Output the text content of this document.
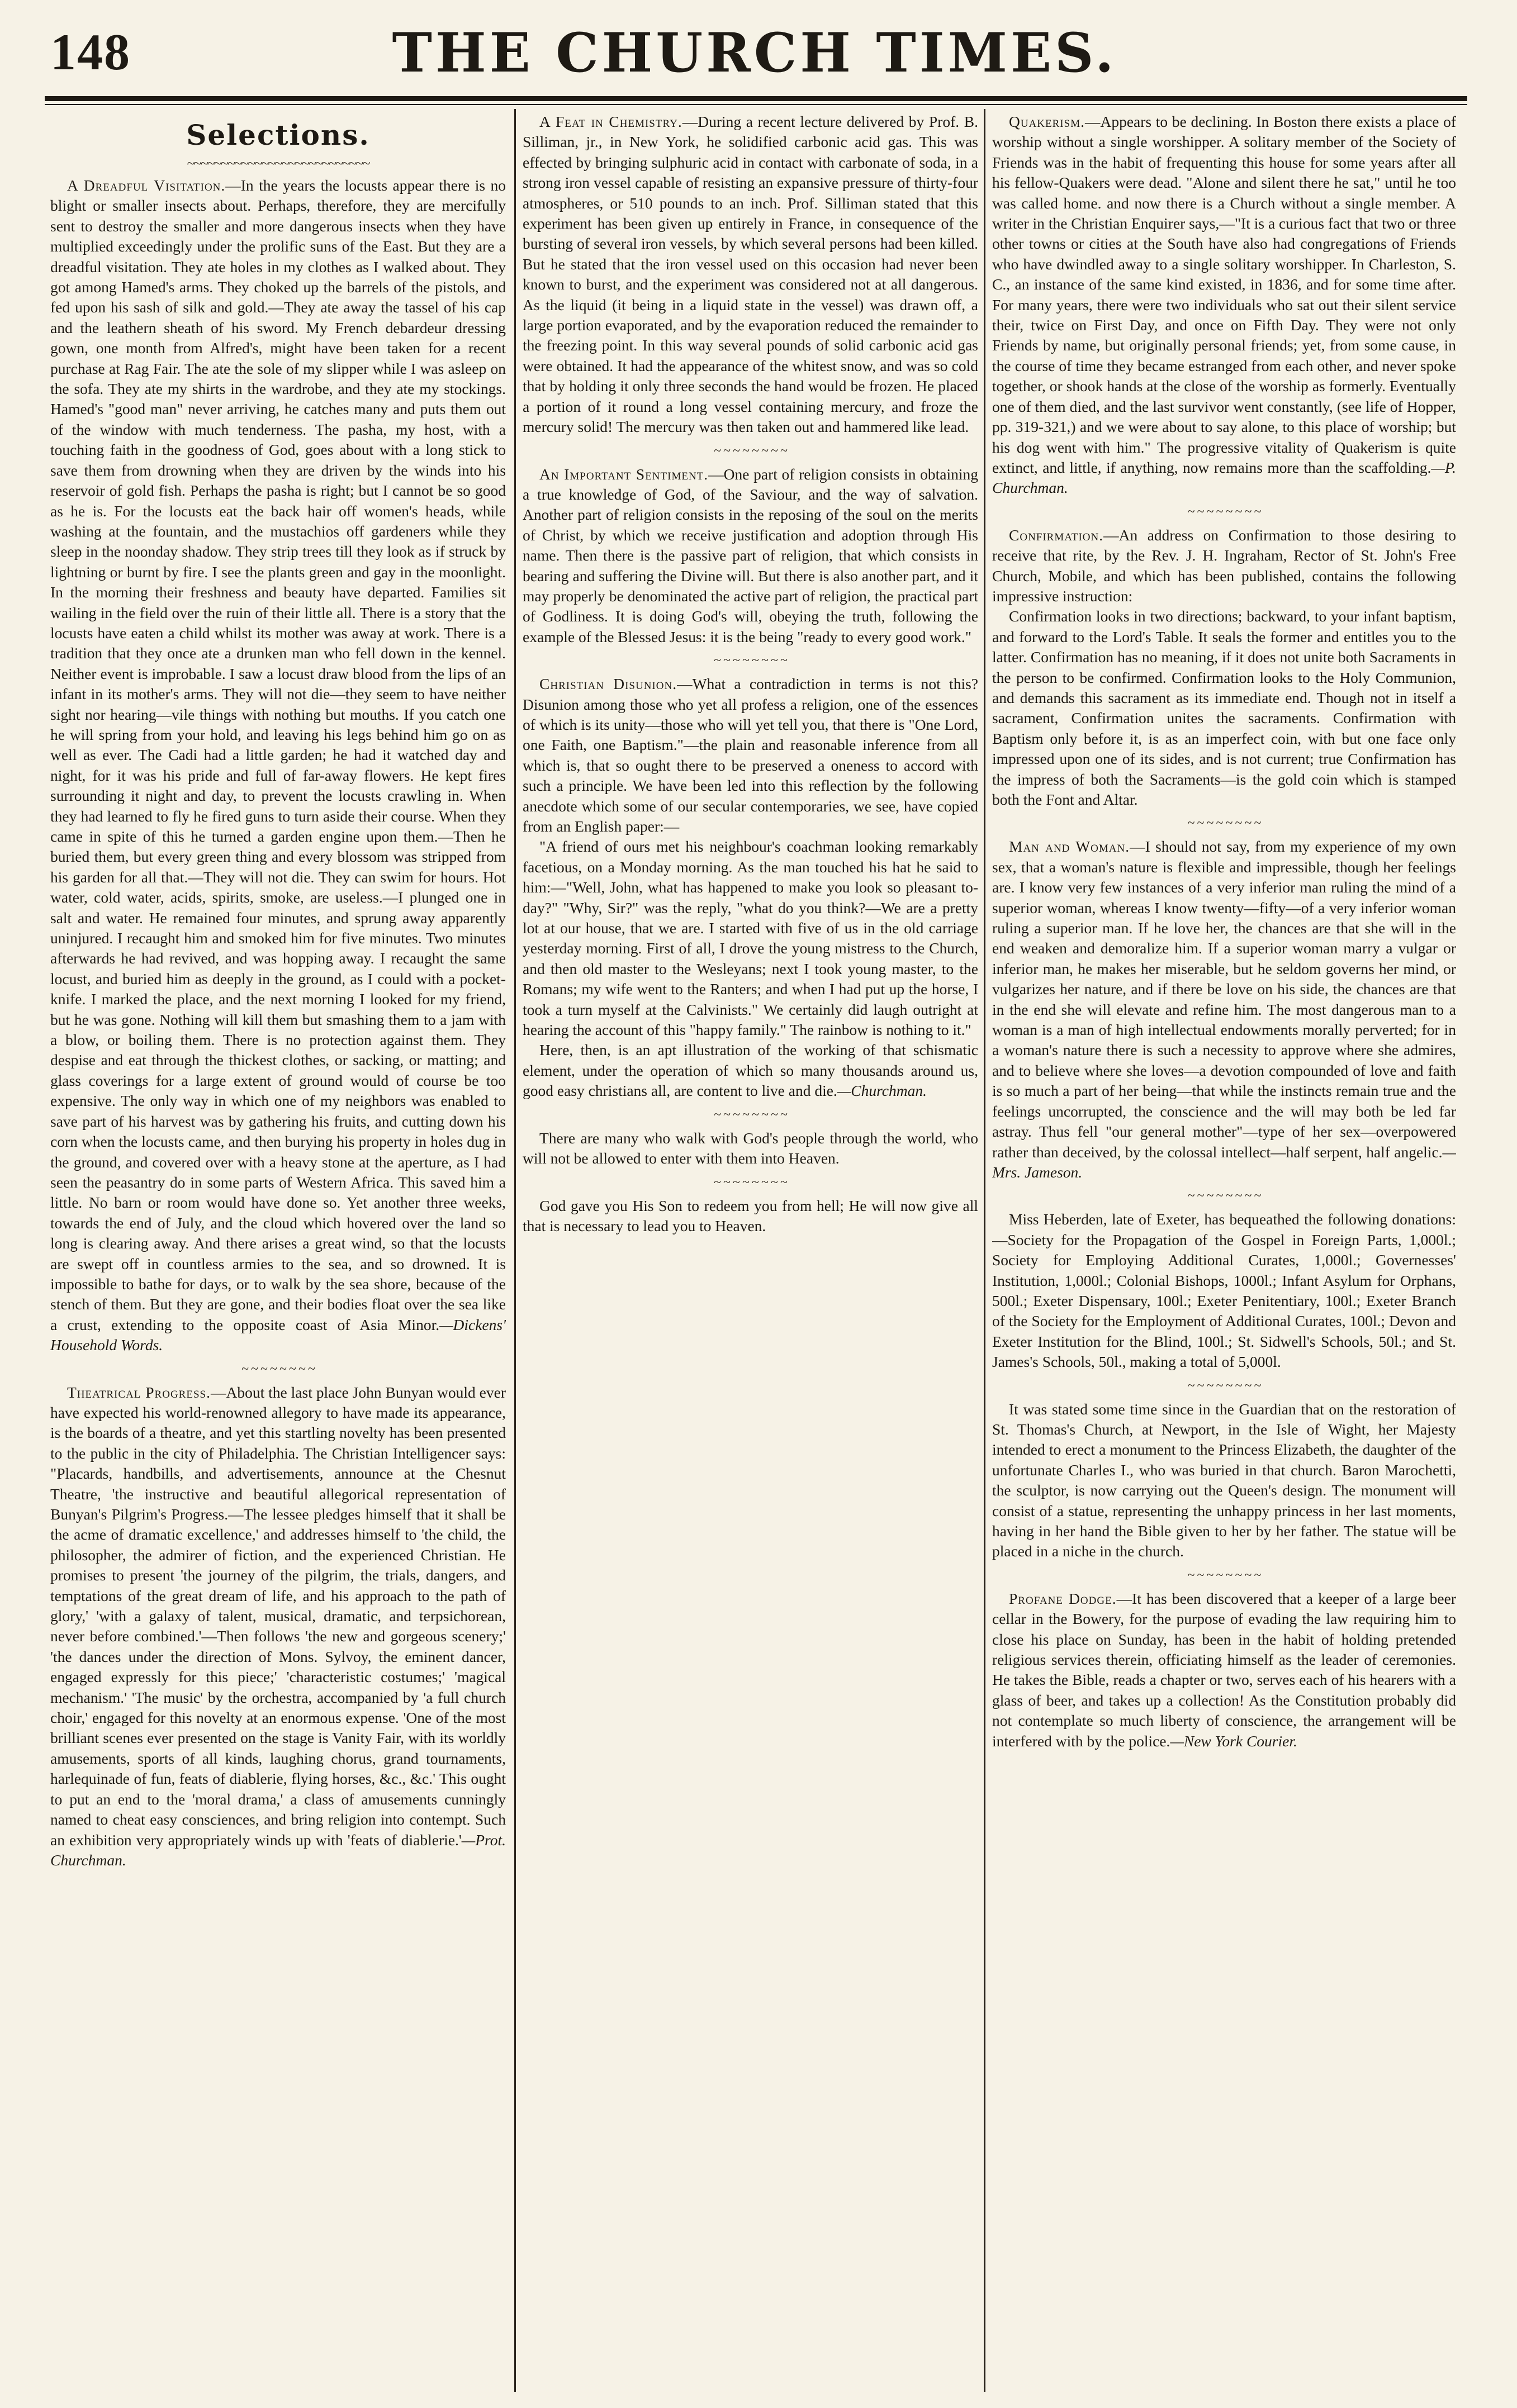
148	THE CHURCH TIMES.
Selections.
~~~~~~~~~~~~~~~~~~~~~~~~~~~

A Dreadful Visitation.—In the years the locusts appear there is no blight or smaller insects about. Perhaps, therefore, they are mercifully sent to destroy the smaller and more dangerous insects when they have multiplied exceedingly under the prolific suns of the East. But they are a dreadful visitation. They ate holes in my clothes as I walked about. They got among Hamed's arms. They choked up the barrels of the pistols, and fed upon his sash of silk and gold.—They ate away the tassel of his cap and the leathern sheath of his sword. My French debardeur dressing gown, one month from Alfred's, might have been taken for a recent purchase at Rag Fair. The ate the sole of my slipper while I was asleep on the sofa. They ate my shirts in the wardrobe, and they ate my stockings. Hamed's "good man" never arriving, he catches many and puts them out of the window with much tenderness. The pasha, my host, with a touching faith in the goodness of God, goes about with a long stick to save them from drowning when they are driven by the winds into his reservoir of gold fish. Perhaps the pasha is right; but I cannot be so good as he is. For the locusts eat the back hair off women's heads, while washing at the fountain, and the mustachios off gardeners while they sleep in the noonday shadow. They strip trees till they look as if struck by lightning or burnt by fire. I see the plants green and gay in the moonlight. In the morning their freshness and beauty have departed. Families sit wailing in the field over the ruin of their little all. There is a story that the locusts have eaten a child whilst its mother was away at work. There is a tradition that they once ate a drunken man who fell down in the kennel. Neither event is improbable. I saw a locust draw blood from the lips of an infant in its mother's arms. They will not die—they seem to have neither sight nor hearing—vile things with nothing but mouths. If you catch one he will spring from your hold, and leaving his legs behind him go on as well as ever. The Cadi had a little garden; he had it watched day and night, for it was his pride and full of far-away flowers. He kept fires surrounding it night and day, to prevent the locusts crawling in. When they had learned to fly he fired guns to turn aside their course. When they came in spite of this he turned a garden engine upon them.—Then he buried them, but every green thing and every blossom was stripped from his garden for all that.—They will not die. They can swim for hours. Hot water, cold water, acids, spirits, smoke, are useless.—I plunged one in salt and water. He remained four minutes, and sprung away apparently uninjured. I recaught him and smoked him for five minutes. Two minutes afterwards he had revived, and was hopping away. I recaught the same locust, and buried him as deeply in the ground, as I could with a pocket-knife. I marked the place, and the next morning I looked for my friend, but he was gone. Nothing will kill them but smashing them to a jam with a blow, or boiling them. There is no protection against them. They despise and eat through the thickest clothes, or sacking, or matting; and glass coverings for a large extent of ground would of course be too expensive. The only way in which one of my neighbors was enabled to save part of his harvest was by gathering his fruits, and cutting down his corn when the locusts came, and then burying his property in holes dug in the ground, and covered over with a heavy stone at the aperture, as I had seen the peasantry do in some parts of Western Africa. This saved him a little. No barn or room would have done so. Yet another three weeks, towards the end of July, and the cloud which hovered over the land so long is clearing away. And there arises a great wind, so that the locusts are swept off in countless armies to the sea, and so drowned. It is impossible to bathe for days, or to walk by the sea shore, because of the stench of them. But they are gone, and their bodies float over the sea like a crust, extending to the opposite coast of Asia Minor.—Dickens' Household Words.

~ ~ ~ ~ ~ ~ ~ ~

Theatrical Progress.—About the last place John Bunyan would ever have expected his world-renowned allegory to have made its appearance, is the boards of a theatre, and yet this startling novelty has been presented to the public in the city of Philadelphia. The Christian Intelligencer says: "Placards, handbills, and advertisements, announce at the Chesnut Theatre, 'the instructive and beautiful allegorical representation of Bunyan's Pilgrim's Progress.—The lessee pledges himself that it shall be the acme of dramatic excellence,' and addresses himself to 'the child, the philosopher, the admirer of fiction, and the experienced Christian. He promises to present 'the journey of the pilgrim, the trials, dangers, and temptations of the great dream of life, and his approach to the path of glory,' 'with a galaxy of talent, musical, dramatic, and terpsichorean, never before combined.'—Then follows 'the new and gorgeous scenery;' 'the dances under the direction of Mons. Sylvoy, the eminent dancer, engaged expressly for this piece;' 'characteristic costumes;' 'magical mechanism.' 'The music' by the orchestra, accompanied by 'a full church choir,' engaged for this novelty at an enormous expense. 'One of the most brilliant scenes ever presented on the stage is Vanity Fair, with its worldly amusements, sports of all kinds, laughing chorus, grand tournaments, harlequinade of fun, feats of diablerie, flying horses, &c., &c.' This ought to put an end to the 'moral drama,' a class of amusements cunningly named to cheat easy consciences, and bring religion into contempt. Such an exhibition very appropriately winds up with 'feats of diablerie.'—Prot. Churchman.

A Feat in Chemistry.—During a recent lecture delivered by Prof. B. Silliman, jr., in New York, he solidified carbonic acid gas. This was effected by bringing sulphuric acid in contact with carbonate of soda, in a strong iron vessel capable of resisting an expansive pressure of thirty-four atmospheres, or 510 pounds to an inch. Prof. Silliman stated that this experiment has been given up entirely in France, in consequence of the bursting of several iron vessels, by which several persons had been killed. But he stated that the iron vessel used on this occasion had never been known to burst, and the experiment was considered not at all dangerous. As the liquid (it being in a liquid state in the vessel) was drawn off, a large portion evaporated, and by the evaporation reduced the remainder to the freezing point. In this way several pounds of solid carbonic acid gas were obtained. It had the appearance of the whitest snow, and was so cold that by holding it only three seconds the hand would be frozen. He placed a portion of it round a long vessel containing mercury, and froze the mercury solid! The mercury was then taken out and hammered like lead.

~ ~ ~ ~ ~ ~ ~ ~

An Important Sentiment.—One part of religion consists in obtaining a true knowledge of God, of the Saviour, and the way of salvation. Another part of religion consists in the reposing of the soul on the merits of Christ, by which we receive justification and adoption through His name. Then there is the passive part of religion, that which consists in bearing and suffering the Divine will. But there is also another part, and it may properly be denominated the active part of religion, the practical part of Godliness. It is doing God's will, obeying the truth, following the example of the Blessed Jesus: it is the being "ready to every good work."

~ ~ ~ ~ ~ ~ ~ ~

Christian Disunion.—What a contradiction in terms is not this? Disunion among those who yet all profess a religion, one of the essences of which is its unity—those who will yet tell you, that there is "One Lord, one Faith, one Baptism."—the plain and reasonable inference from all which is, that so ought there to be preserved a oneness to accord with such a principle. We have been led into this reflection by the following anecdote which some of our secular contemporaries, we see, have copied from an English paper:—

"A friend of ours met his neighbour's coachman looking remarkably facetious, on a Monday morning. As the man touched his hat he said to him:—"Well, John, what has happened to make you look so pleasant to-day?" "Why, Sir?" was the reply, "what do you think?—We are a pretty lot at our house, that we are. I started with five of us in the old carriage yesterday morning. First of all, I drove the young mistress to the Church, and then old master to the Wesleyans; next I took young master, to the Romans; my wife went to the Ranters; and when I had put up the horse, I took a turn myself at the Calvinists." We certainly did laugh outright at hearing the account of this "happy family." The rainbow is nothing to it."

Here, then, is an apt illustration of the working of that schismatic element, under the operation of which so many thousands around us, good easy christians all, are content to live and die.—Churchman.

~ ~ ~ ~ ~ ~ ~ ~

There are many who walk with God's people through the world, who will not be allowed to enter with them into Heaven.

~ ~ ~ ~ ~ ~ ~ ~

God gave you His Son to redeem you from hell; He will now give all that is necessary to lead you to Heaven.

Quakerism.—Appears to be declining. In Boston there exists a place of worship without a single worshipper. A solitary member of the Society of Friends was in the habit of frequenting this house for some years after all his fellow-Quakers were dead. "Alone and silent there he sat," until he too was called home. and now there is a Church without a single member. A writer in the Christian Enquirer says,—"It is a curious fact that two or three other towns or cities at the South have also had congregations of Friends who have dwindled away to a single solitary worshipper. In Charleston, S. C., an instance of the same kind existed, in 1836, and for some time after. For many years, there were two individuals who sat out their silent service their, twice on First Day, and once on Fifth Day. They were not only Friends by name, but originally personal friends; yet, from some cause, in the course of time they became estranged from each other, and never spoke together, or shook hands at the close of the worship as formerly. Eventually one of them died, and the last survivor went constantly, (see life of Hopper, pp. 319-321,) and we were about to say alone, to this place of worship; but his dog went with him." The progressive vitality of Quakerism is quite extinct, and little, if anything, now remains more than the scaffolding.—P. Churchman.

~ ~ ~ ~ ~ ~ ~ ~

Confirmation.—An address on Confirmation to those desiring to receive that rite, by the Rev. J. H. Ingraham, Rector of St. John's Free Church, Mobile, and which has been published, contains the following impressive instruction:

Confirmation looks in two directions; backward, to your infant baptism, and forward to the Lord's Table. It seals the former and entitles you to the latter. Confirmation has no meaning, if it does not unite both Sacraments in the person to be confirmed. Confirmation looks to the Holy Communion, and demands this sacrament as its immediate end. Though not in itself a sacrament, Confirmation unites the sacraments. Confirmation with Baptism only before it, is as an imperfect coin, with but one face only impressed upon one of its sides, and is not current; true Confirmation has the impress of both the Sacraments—is the gold coin which is stamped both the Font and Altar.

~ ~ ~ ~ ~ ~ ~ ~

Man and Woman.—I should not say, from my experience of my own sex, that a woman's nature is flexible and impressible, though her feelings are. I know very few instances of a very inferior man ruling the mind of a superior woman, whereas I know twenty—fifty—of a very inferior woman ruling a superior man. If he love her, the chances are that she will in the end weaken and demoralize him. If a superior woman marry a vulgar or inferior man, he makes her miserable, but he seldom governs her mind, or vulgarizes her nature, and if there be love on his side, the chances are that in the end she will elevate and refine him. The most dangerous man to a woman is a man of high intellectual endowments morally perverted; for in a woman's nature there is such a necessity to approve where she admires, and to believe where she loves—a devotion compounded of love and faith is so much a part of her being—that while the instincts remain true and the feelings uncorrupted, the conscience and the will may both be led far astray. Thus fell "our general mother"—type of her sex—overpowered rather than deceived, by the colossal intellect—half serpent, half angelic.—Mrs. Jameson.

~ ~ ~ ~ ~ ~ ~ ~

Miss Heberden, late of Exeter, has bequeathed the following donations:—Society for the Propagation of the Gospel in Foreign Parts, 1,000l.; Society for Employing Additional Curates, 1,000l.; Governesses' Institution, 1,000l.; Colonial Bishops, 1000l.; Infant Asylum for Orphans, 500l.; Exeter Dispensary, 100l.; Exeter Penitentiary, 100l.; Exeter Branch of the Society for the Employment of Additional Curates, 100l.; Devon and Exeter Institution for the Blind, 100l.; St. Sidwell's Schools, 50l.; and St. James's Schools, 50l., making a total of 5,000l.

~ ~ ~ ~ ~ ~ ~ ~

It was stated some time since in the Guardian that on the restoration of St. Thomas's Church, at Newport, in the Isle of Wight, her Majesty intended to erect a monument to the Princess Elizabeth, the daughter of the unfortunate Charles I., who was buried in that church. Baron Marochetti, the sculptor, is now carrying out the Queen's design. The monument will consist of a statue, representing the unhappy princess in her last moments, having in her hand the Bible given to her by her father. The statue will be placed in a niche in the church.

~ ~ ~ ~ ~ ~ ~ ~

Profane Dodge.—It has been discovered that a keeper of a large beer cellar in the Bowery, for the purpose of evading the law requiring him to close his place on Sunday, has been in the habit of holding pretended religious services therein, officiating himself as the leader of ceremonies. He takes the Bible, reads a chapter or two, serves each of his hearers with a glass of beer, and takes up a collection! As the Constitution probably did not contemplate so much liberty of conscience, the arrangement will be interfered with by the police.—New York Courier.
